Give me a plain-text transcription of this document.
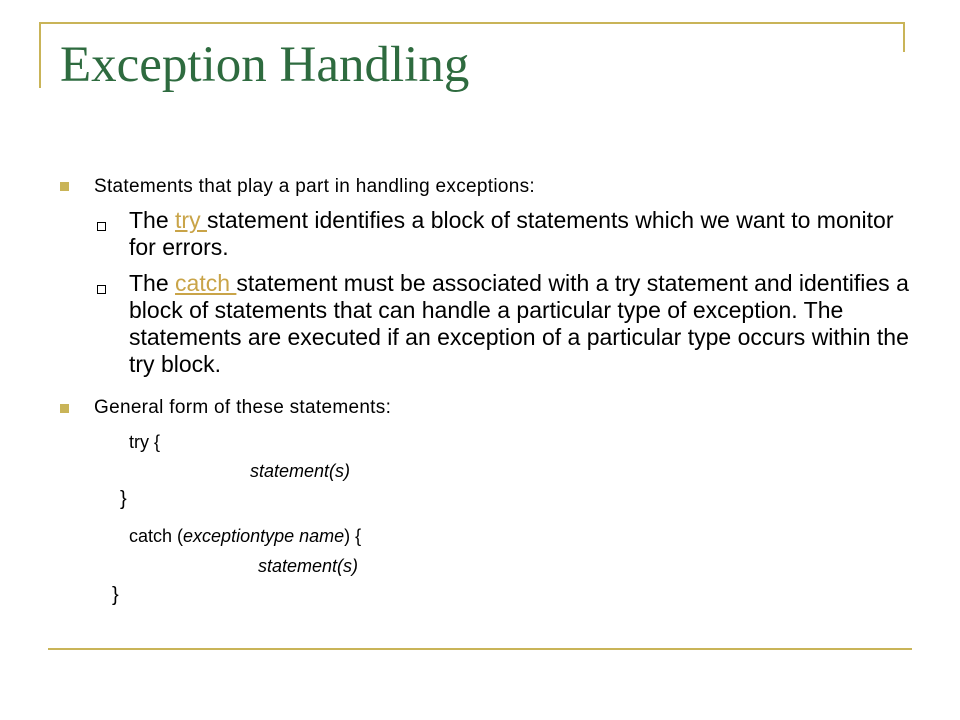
Exception Handling
Statements that play a part in handling exceptions:
The try statement identifies a block of statements which we want to monitor for errors.
The catch statement must be associated with a try statement and identifies a block of statements that can handle a particular type of exception. The statements are executed if an exception of a particular type occurs within the try block.
General form of these statements:
try {
statement(s)
}
catch (exceptiontype name) {
statement(s)
}
